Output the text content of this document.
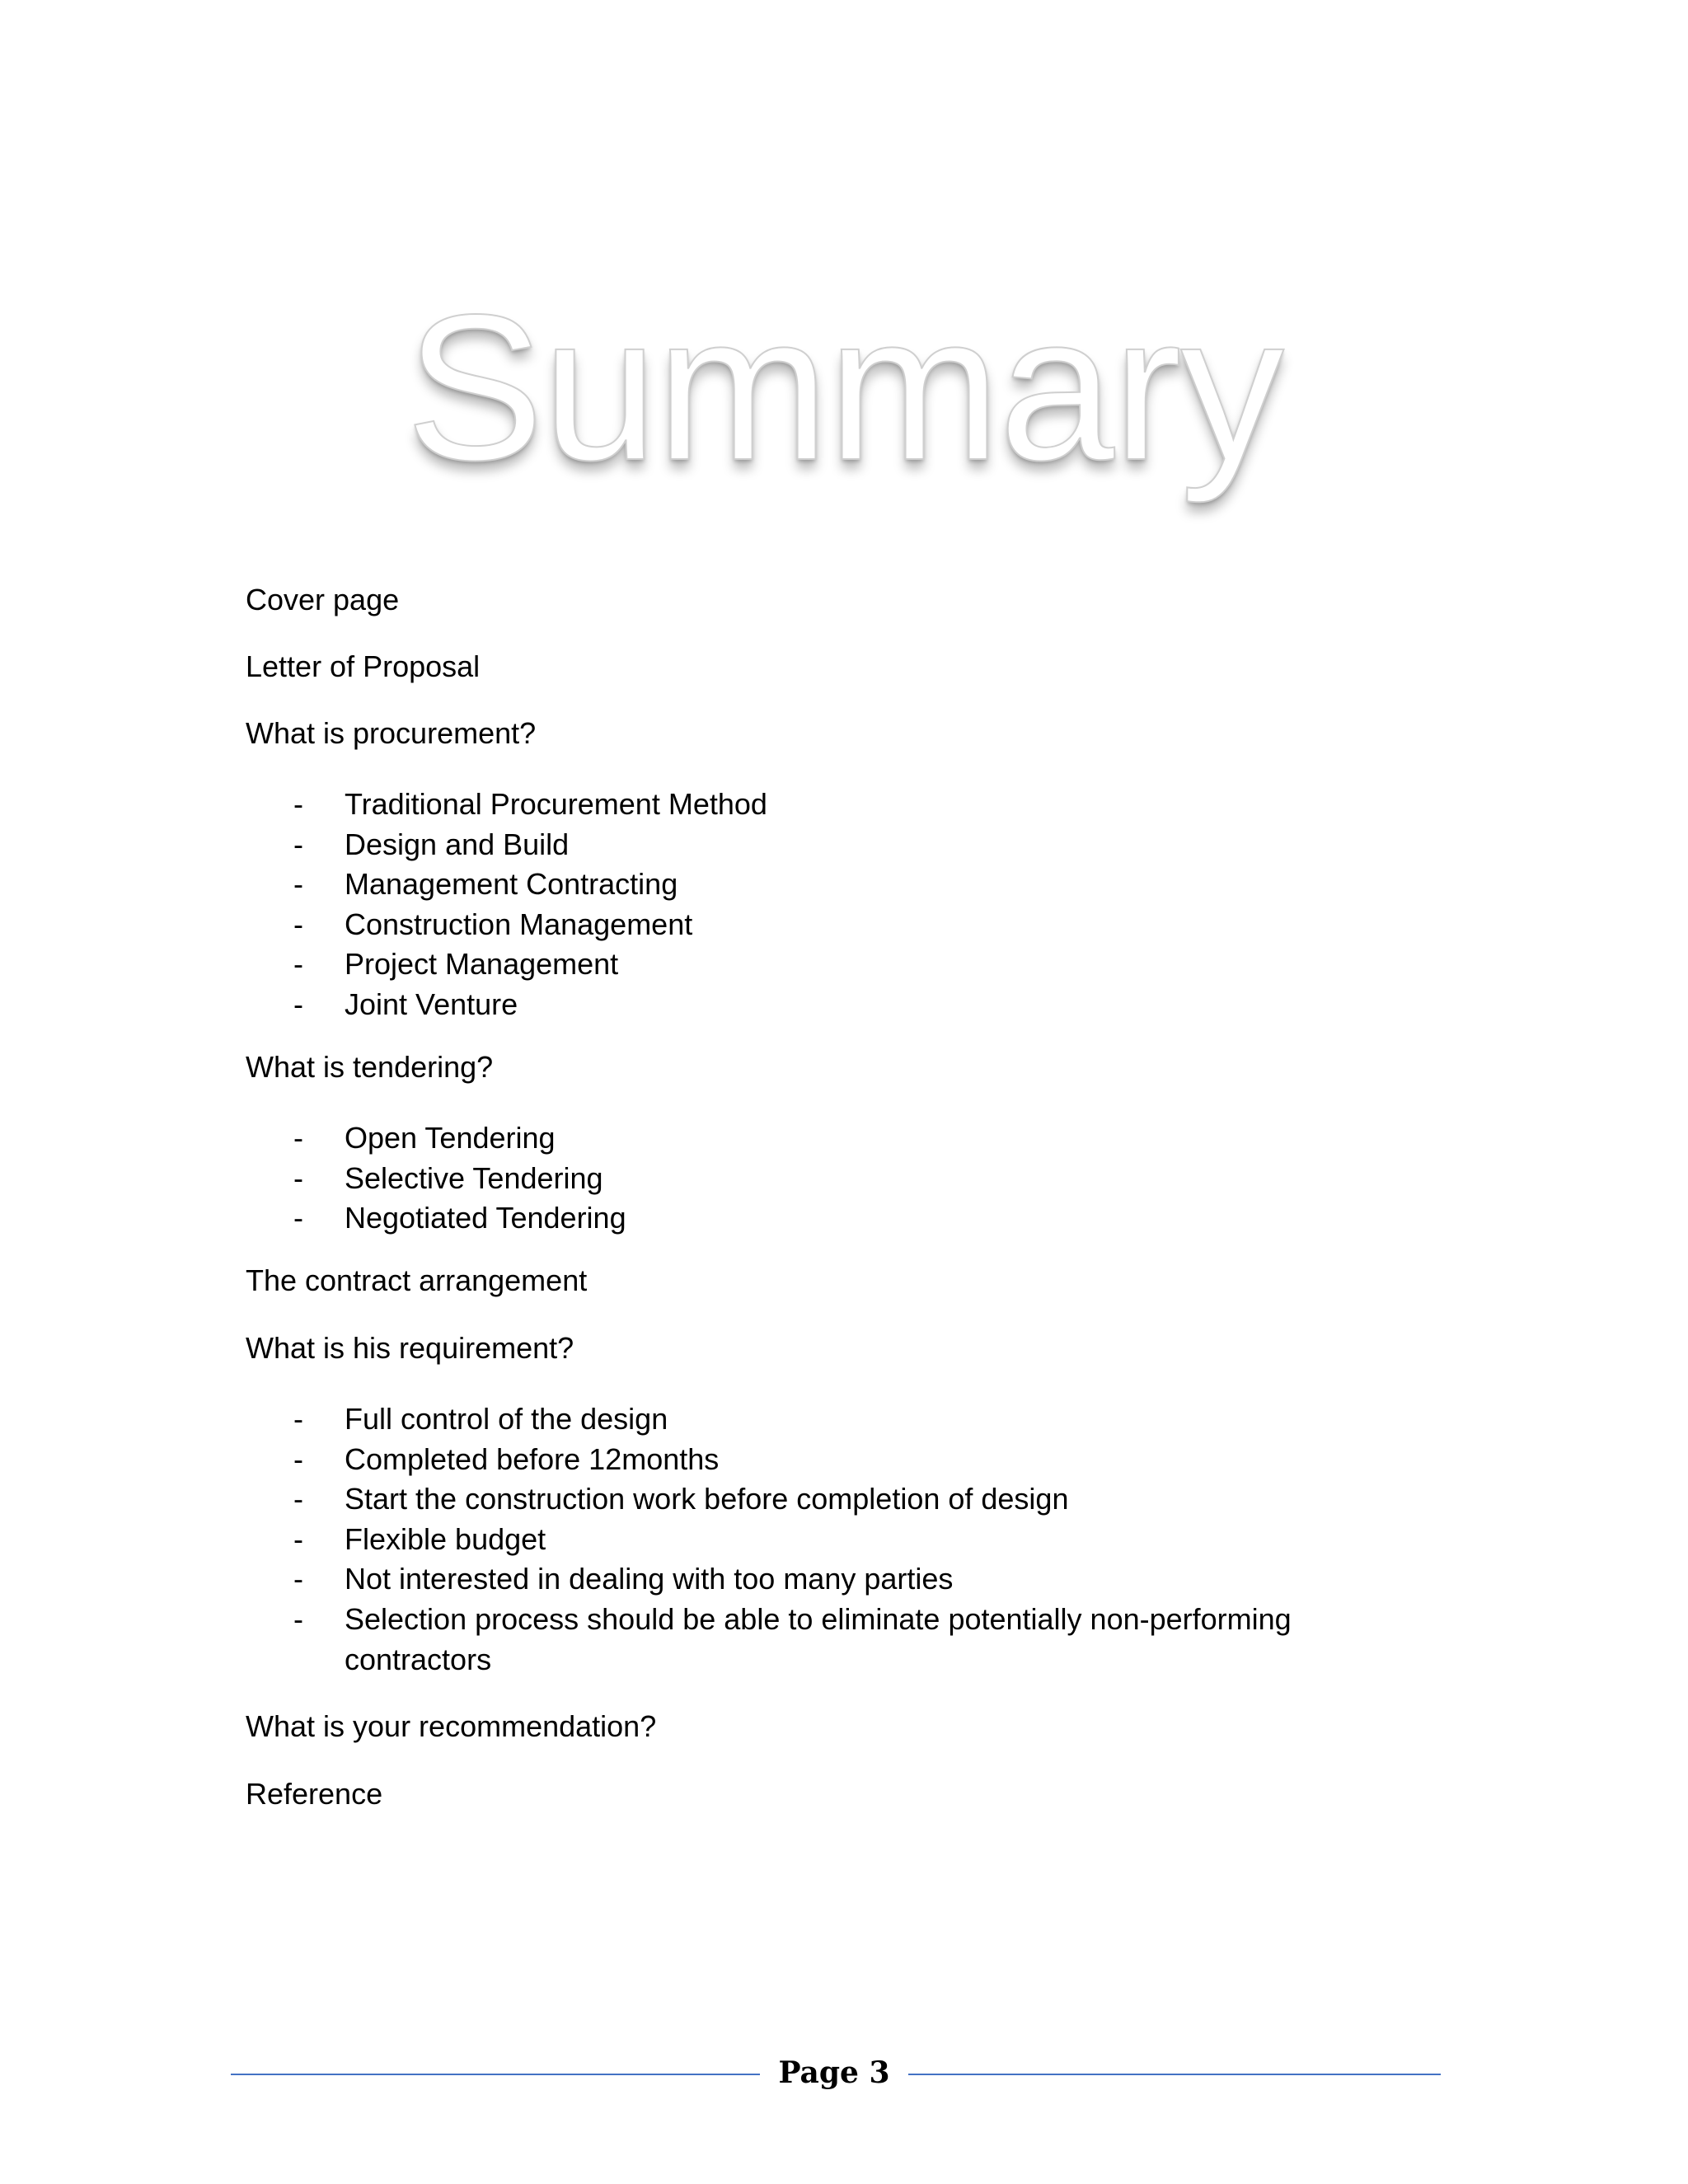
Summary
Cover page
Letter of Proposal
What is procurement?
- Traditional Procurement Method
- Design and Build
- Management Contracting
- Construction Management
- Project Management
- Joint Venture
What is tendering?
- Open Tendering
- Selective Tendering
- Negotiated Tendering
The contract arrangement
What is his requirement?
- Full control of the design
- Completed before 12months
- Start the construction work before completion of design
- Flexible budget
- Not interested in dealing with too many parties
- Selection process should be able to eliminate potentially non-performing contractors
What is your recommendation?
Reference
Page 3
